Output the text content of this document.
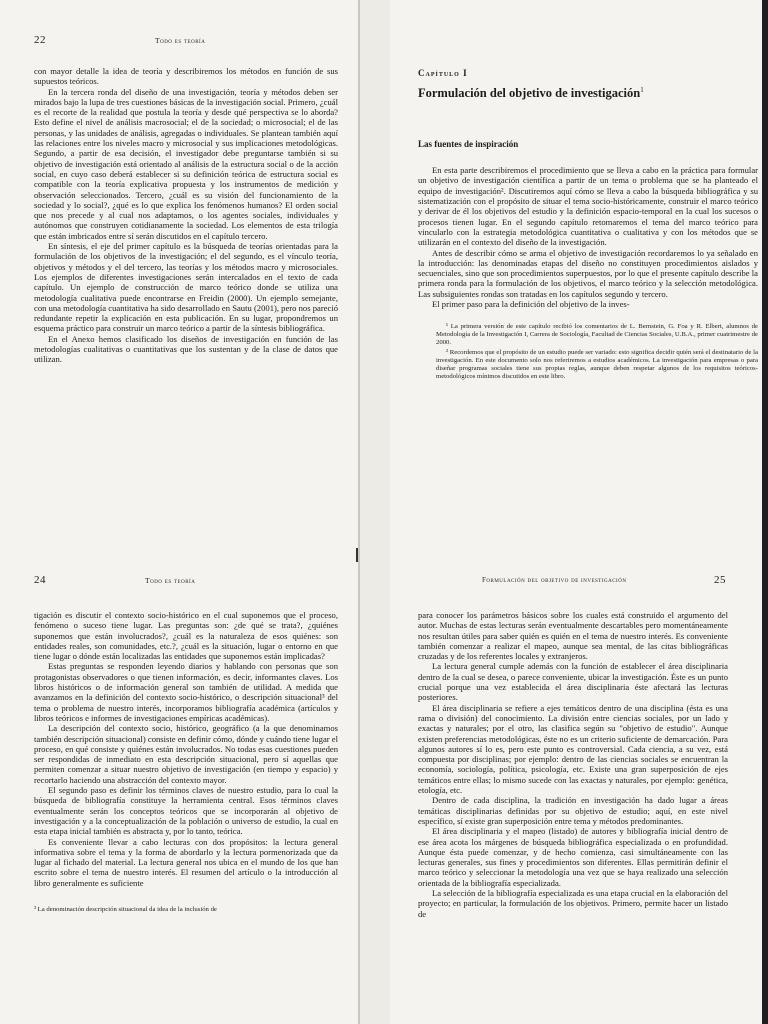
22	Todo es teoría

con mayor detalle la idea de teoría y describiremos los métodos en función de sus supuestos teóricos.

En la tercera ronda del diseño de una investigación, teoría y métodos deben ser mirados bajo la lupa de tres cuestiones básicas de la investigación social. Primero, ¿cuál es el recorte de la realidad que postula la teoría y desde qué perspectiva se lo aborda? Esto define el nivel de análisis macrosocial; el de la sociedad; o microsocial; el de las personas, y las unidades de análisis, agregadas o individuales. Se plantean también aquí las relaciones entre los niveles macro y microsocial y sus implicaciones metodológicas. Segundo, a partir de esa decisión, el investigador debe preguntarse también si su objetivo de investigación está orientado al análisis de la estructura social o de la acción social, en cuyo caso deberá establecer si su definición teórica de estructura social es compatible con la teoría explicativa propuesta y los instrumentos de medición y observación seleccionados. Tercero, ¿cuál es su visión del funcionamiento de la sociedad y lo social?, ¿qué es lo que explica los fenómenos humanos? El orden social que nos precede y al cual nos adaptamos, o los agentes sociales, individuales y autónomos que construyen cotidianamente la sociedad. Los elementos de esta trilogía que están imbricados entre sí serán discutidos en el capítulo tercero.

En síntesis, el eje del primer capítulo es la búsqueda de teorías orientadas para la formulación de los objetivos de la investigación; el del segundo, es el vínculo teoría, objetivos y métodos y el del tercero, las teorías y los métodos macro y microsociales. Los ejemplos de diferentes investigaciones serán intercalados en el texto de cada capítulo. Un ejemplo de construcción de marco teórico donde se utiliza una metodología cualitativa puede encontrarse en Freidin (2000). Un ejemplo semejante, con una metodología cuantitativa ha sido desarrollado en Sautu (2001), pero nos pareció redundante repetir la explicación en esta publicación. En su lugar, propondremos un esquema práctico para construir un marco teórico a partir de la síntesis bibliográfica.

En el Anexo hemos clasificado los diseños de investigación en función de las metodologías cualitativas o cuantitativas que los sustentan y de la clase de datos que utilizan.

Capítulo I
Formulación del objetivo de investigación$^1$
Las fuentes de inspiración

En esta parte describiremos el procedimiento que se lleva a cabo en la práctica para formular un objetivo de investigación científica a partir de un tema o problema que se ha planteado el equipo de investigación². Discutiremos aquí cómo se lleva a cabo la búsqueda bibliográfica y su sistematización con el propósito de situar el tema socio-históricamente, construir el marco teórico y derivar de él los objetivos del estudio y la definición espacio-temporal en la cual los sucesos o procesos tienen lugar. En el segundo capítulo retomaremos el tema del marco teórico para vincularlo con la estrategia metodológica cuantitativa o cualitativa y con los métodos que se utilizarán en el contexto del diseño de la investigación.

Antes de describir cómo se arma el objetivo de investigación recordaremos lo ya señalado en la introducción: las denominadas etapas del diseño no constituyen procedimientos aislados y secuenciales, sino que son procedimientos superpuestos, por lo que el presente capítulo describe la primera ronda para la formulación de los objetivos, el marco teórico y la selección metodológica. Las subsiguientes rondas son tratadas en los capítulos segundo y tercero.

El primer paso para la definición del objetivo de la inves-

¹ La primera versión de este capítulo recibió los comentarios de L. Bernstein, G. Foa y R. Elbert, alumnos de Metodología de la Investigación I, Carrera de Sociología, Facultad de Ciencias Sociales, U.B.A., primer cuatrimestre de 2000.

² Recordemos que el propósito de un estudio puede ser variado: esto significa decidir quién será el destinatario de la investigación. En este documento solo nos referiremos a estudios académicos. La investigación para empresas o para diseñar programas sociales tiene sus propias reglas, aunque deben respetar algunos de los requisitos teóricos-metodológicos mínimos discutidos en este libro.

24	Todo es teoría

tigación es discutir el contexto socio-histórico en el cual suponemos que el proceso, fenómeno o suceso tiene lugar. Las preguntas son: ¿de qué se trata?, ¿quiénes suponemos que están involucrados?, ¿cuál es la naturaleza de esos quiénes: son entidades reales, son comunidades, etc.?, ¿cuál es la situación, lugar o entorno en que tiene lugar o dónde están localizadas las entidades que suponemos están implicadas?

Estas preguntas se responden leyendo diarios y hablando con personas que son protagonistas observadores o que tienen información, es decir, informantes claves. Los libros históricos o de información general son también de utilidad. A medida que avanzamos en la definición del contexto socio-histórico, o descripción situacional³ del tema o problema de nuestro interés, incorporamos bibliografía académica (artículos y libros teóricos e informes de investigaciones empíricas académicas).

La descripción del contexto socio, histórico, geográfico (a la que denominamos también descripción situacional) consiste en definir cómo, dónde y cuándo tiene lugar el proceso, en qué consiste y quiénes están involucrados. No todas esas cuestiones pueden ser respondidas de inmediato en esta descripción situacional, pero sí aquellas que permiten comenzar a situar nuestro objetivo de investigación (en tiempo y espacio) y recortarlo haciendo una abstracción del contexto mayor.

El segundo paso es definir los términos claves de nuestro estudio, para lo cual la búsqueda de bibliografía constituye la herramienta central. Esos términos claves eventualmente serán los conceptos teóricos que se incorporarán al objetivo de investigación y a la conceptualización de la población o universo de estudio, la cual en esta etapa inicial también es abstracta y, por lo tanto, teórica.

Es conveniente llevar a cabo lecturas con dos propósitos: la lectura general informativa sobre el tema y la forma de abordarlo y la lectura pormenorizada que da lugar al fichado del material. La lectura general nos ubica en el mundo de los que han escrito sobre el tema de nuestro interés. El resumen del artículo o la introducción al libro generalmente es suficiente

³ La denominación descripción situacional da idea de la inclusión de
Formulación del objetivo de investigación	25

para conocer los parámetros básicos sobre los cuales está construido el argumento del autor. Muchas de estas lecturas serán eventualmente descartables pero momentáneamente nos resultan útiles para saber quién es quién en el tema de nuestro interés. Es conveniente también comenzar a realizar el mapeo, aunque sea mental, de las citas bibliográficas cruzadas y de los referentes locales y extranjeros.

La lectura general cumple además con la función de establecer el área disciplinaria dentro de la cual se desea, o parece conveniente, ubicar la investigación. Éste es un punto crucial porque una vez establecida el área disciplinaria éste afectará las lecturas posteriores.

El área disciplinaria se refiere a ejes temáticos dentro de una disciplina (ésta es una rama o división) del conocimiento. La división entre ciencias sociales, por un lado y exactas y naturales; por el otro, las clasifica según su "objetivo de estudio". Aunque existen preferencias metodológicas, éste no es un criterio suficiente de demarcación. Para algunos autores sí lo es, pero este punto es controversial. Cada ciencia, a su vez, está compuesta por disciplinas; por ejemplo: dentro de las ciencias sociales se encuentran la economía, sociología, política, psicología, etc. Existe una gran superposición de ejes temáticos entre ellas; lo mismo sucede con las exactas y naturales, por ejemplo: genética, etología, etc.

Dentro de cada disciplina, la tradición en investigación ha dado lugar a áreas temáticas disciplinarias definidas por su objetivo de estudio; aquí, en este nivel específico, sí existe gran superposición entre tema y métodos predominantes.

El área disciplinaria y el mapeo (listado) de autores y bibliografía inicial dentro de ese área acota los márgenes de búsqueda bibliográfica especializada o en profundidad. Aunque ésta puede comenzar, y de hecho comienza, casi simultáneamente con las lecturas generales, sus fines y procedimientos son diferentes. Ellas permitirán definir el marco teórico y seleccionar la metodología una vez que se haya realizado una selección orientada de la bibliografía especializada.

La selección de la bibliografía especializada es una etapa crucial en la elaboración del proyecto; en particular, la formulación de los objetivos. Primero, permite hacer un listado de
